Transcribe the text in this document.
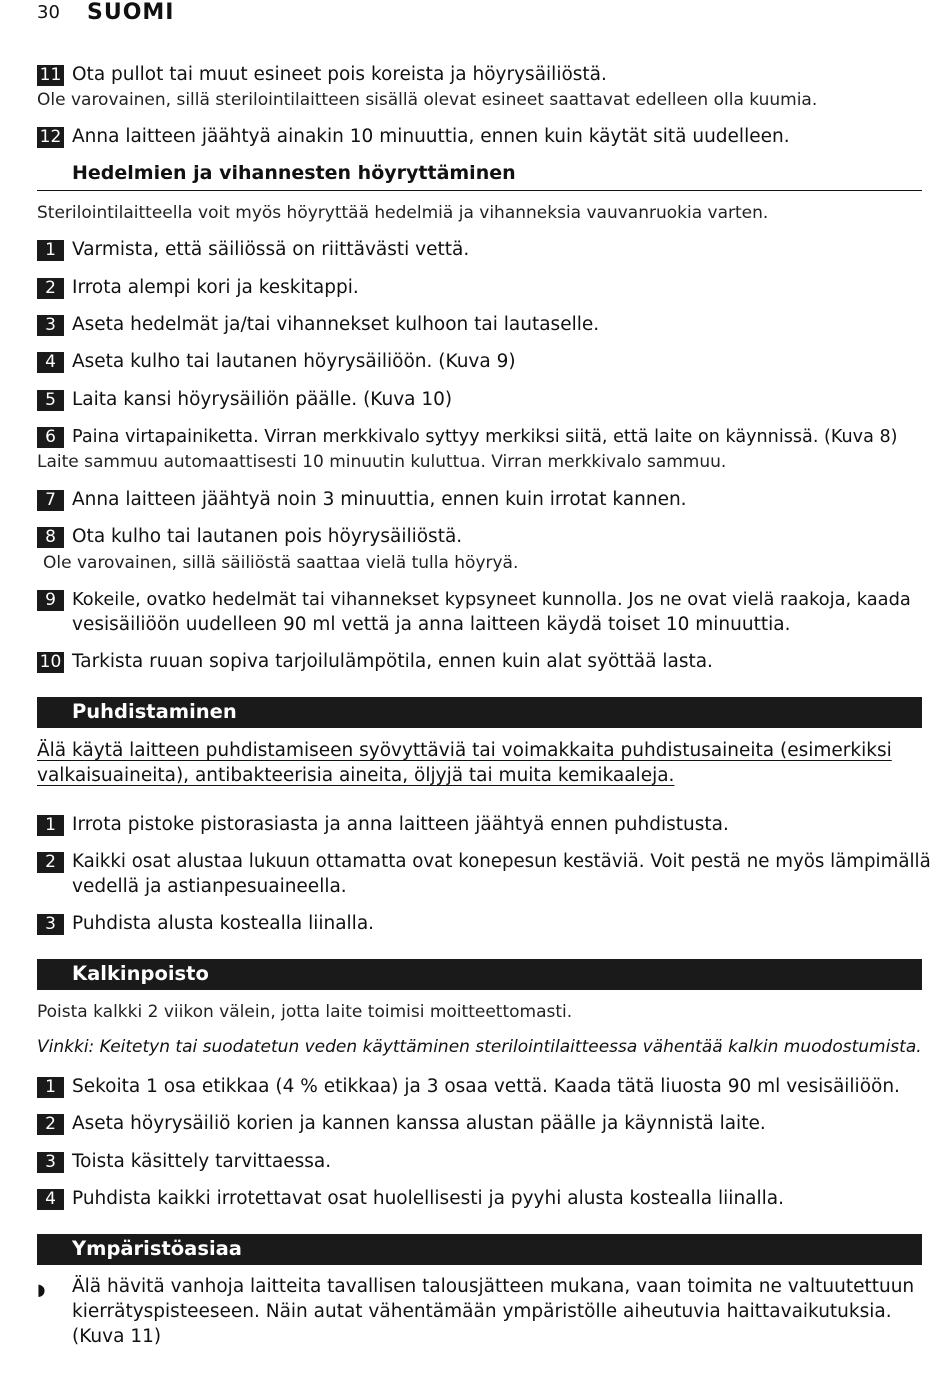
30 SUOMI
11 Ota pullot tai muut esineet pois koreista ja höyrysäiliöstä.
Ole varovainen, sillä sterilointilaitteen sisällä olevat esineet saattavat edelleen olla kuumia.
12 Anna laitteen jäähtyä ainakin 10 minuuttia, ennen kuin käytät sitä uudelleen.
Hedelmien ja vihannesten höyryttäminen
Sterilointilaitteella voit myös höyryttää hedelmiä ja vihanneksia vauvanruokia varten.
1 Varmista, että säiliössä on riittävästi vettä.
2 Irrota alempi kori ja keskitappi.
3 Aseta hedelmät ja/tai vihannekset kulhoon tai lautaselle.
4 Aseta kulho tai lautanen höyrysäiliöön. (Kuva 9)
5 Laita kansi höyrysäiliön päälle. (Kuva 10)
6 Paina virtapainiketta. Virran merkkivalo syttyy merkiksi siitä, että laite on käynnissä. (Kuva 8)
Laite sammuu automaattisesti 10 minuutin kuluttua. Virran merkkivalo sammuu.
7 Anna laitteen jäähtyä noin 3 minuuttia, ennen kuin irrotat kannen.
8 Ota kulho tai lautanen pois höyrysäiliöstä.
Ole varovainen, sillä säiliöstä saattaa vielä tulla höyryä.
9 Kokeile, ovatko hedelmät tai vihannekset kypsyneet kunnolla. Jos ne ovat vielä raakoja, kaada
vesisäiliöön uudelleen 90 ml vettä ja anna laitteen käydä toiset 10 minuuttia.
10 Tarkista ruuan sopiva tarjoilulämpötila, ennen kuin alat syöttää lasta.
Puhdistaminen
Älä käytä laitteen puhdistamiseen syövyttäviä tai voimakkaita puhdistusaineita (esimerkiksi
valkaisuaineita), antibakteerisia aineita, öljyjä tai muita kemikaaleja.
1 Irrota pistoke pistorasiasta ja anna laitteen jäähtyä ennen puhdistusta.
2 Kaikki osat alustaa lukuun ottamatta ovat konepesun kestäviä. Voit pestä ne myös lämpimällä
vedellä ja astianpesuaineella.
3 Puhdista alusta kostealla liinalla.
Kalkinpoisto
Poista kalkki 2 viikon välein, jotta laite toimisi moitteettomasti.
Vinkki: Keitetyn tai suodatetun veden käyttäminen sterilointilaitteessa vähentää kalkin muodostumista.
1 Sekoita 1 osa etikkaa (4 % etikkaa) ja 3 osaa vettä. Kaada tätä liuosta 90 ml vesisäiliöön.
2 Aseta höyrysäiliö korien ja kannen kanssa alustan päälle ja käynnistä laite.
3 Toista käsittely tarvittaessa.
4 Puhdista kaikki irrotettavat osat huolellisesti ja pyyhi alusta kostealla liinalla.
Ympäristöasiaa
◗ Älä hävitä vanhoja laitteita tavallisen talousjätteen mukana, vaan toimita ne valtuutettuun
kierrätyspisteeseen. Näin autat vähentämään ympäristölle aiheutuvia haittavaikutuksia.
(Kuva 11)
